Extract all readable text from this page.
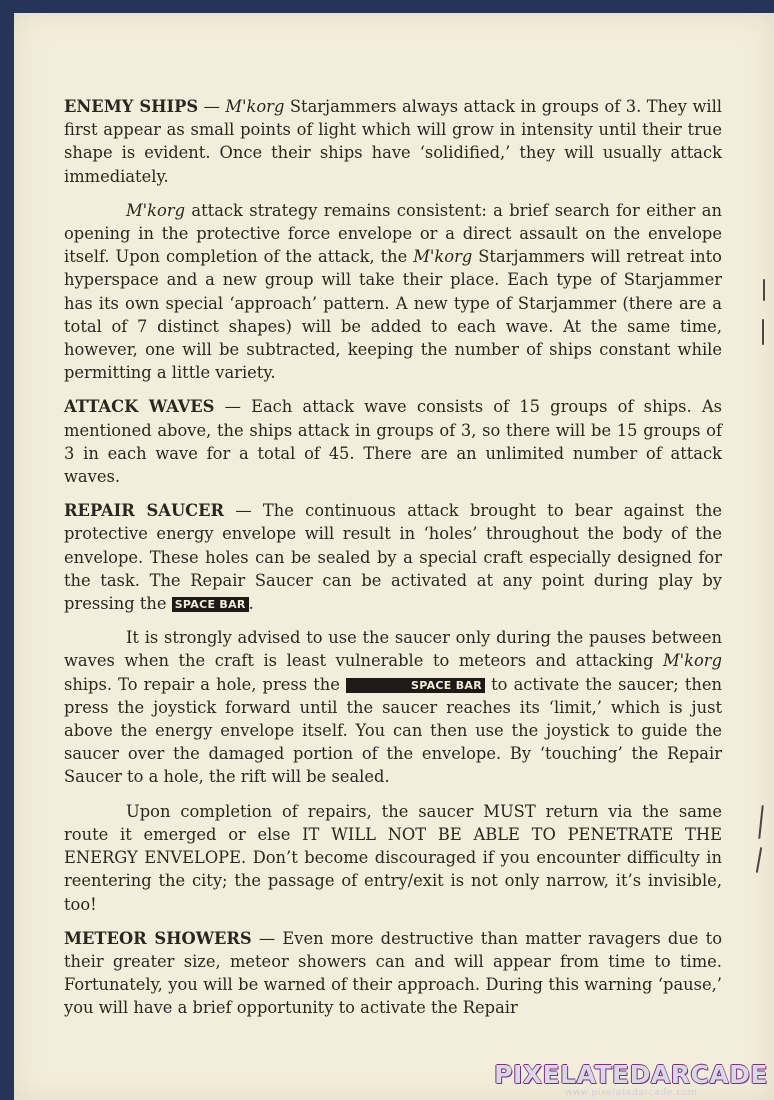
ENEMY SHIPS — M'korg Starjammers always attack in groups of 3. They will first appear as small points of light which will grow in intensity until their true shape is evident. Once their ships have ‘solidified,’ they will usually attack immediately.

M'korg attack strategy remains consistent: a brief search for either an opening in the protective force envelope or a direct assault on the envelope itself. Upon completion of the attack, the M'korg Starjammers will retreat into hyperspace and a new group will take their place. Each type of Starjammer has its own special ‘approach’ pattern. A new type of Starjammer (there are a total of 7 distinct shapes) will be added to each wave. At the same time, however, one will be subtracted, keeping the number of ships constant while permitting a little variety.

ATTACK WAVES — Each attack wave consists of 15 groups of ships. As mentioned above, the ships attack in groups of 3, so there will be 15 groups of 3 in each wave for a total of 45. There are an unlimited number of attack waves.

REPAIR SAUCER — The continuous attack brought to bear against the protective energy envelope will result in ‘holes’ throughout the body of the envelope. These holes can be sealed by a special craft especially designed for the task. The Repair Saucer can be activated at any point during play by pressing the SPACE BAR .

It is strongly advised to use the saucer only during the pauses between waves when the craft is least vulnerable to meteors and attacking M'korg ships. To repair a hole, press the	SPACE BAR to activate the saucer; then press the joystick forward until the saucer reaches its ‘limit,’ which is just above the energy envelope itself. You can then use the joystick to guide the saucer over the damaged portion of the envelope. By ‘touching’ the Repair Saucer to a hole, the rift will be sealed.

Upon completion of repairs, the saucer MUST return via the same route it emerged or else IT WILL NOT BE ABLE TO PENETRATE THE ENERGY ENVELOPE. Don’t become discouraged if you encounter difficulty in reentering the city; the passage of entry/exit is not only narrow, it’s invisible, too!

METEOR SHOWERS — Even more destructive than matter ravagers due to their greater size, meteor showers can and will appear from time to time. Fortunately, you will be warned of their approach. During this warning ‘pause,’ you will have a brief opportunity to activate the Repair

PIXELATEDARCADE
www.pixelatedarcade.com
